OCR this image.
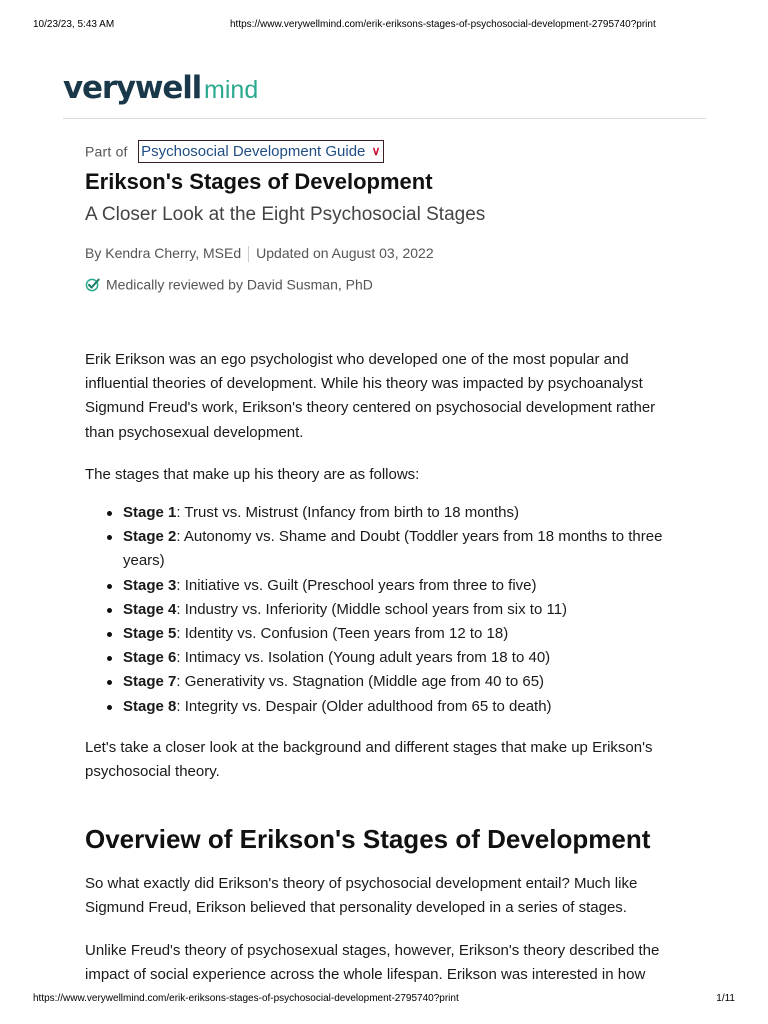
10/23/23, 5:43 AM	https://www.verywellmind.com/erik-eriksons-stages-of-psychosocial-development-2795740?print
verywell mind
Part of Psychosocial Development Guide ∨
Erikson's Stages of Development
A Closer Look at the Eight Psychosocial Stages
By Kendra Cherry, MSEd Updated on August 03, 2022
Medically reviewed by David Susman, PhD

Erik Erikson was an ego psychologist who developed one of the most popular and influential theories of development. While his theory was impacted by psychoanalyst Sigmund Freud's work, Erikson's theory centered on psychosocial development rather than psychosexual development.

The stages that make up his theory are as follows:

Stage 1: Trust vs. Mistrust (Infancy from birth to 18 months)
Stage 2: Autonomy vs. Shame and Doubt (Toddler years from 18 months to three years)
Stage 3: Initiative vs. Guilt (Preschool years from three to five)
Stage 4: Industry vs. Inferiority (Middle school years from six to 11)
Stage 5: Identity vs. Confusion (Teen years from 12 to 18)
Stage 6: Intimacy vs. Isolation (Young adult years from 18 to 40)
Stage 7: Generativity vs. Stagnation (Middle age from 40 to 65)
Stage 8: Integrity vs. Despair (Older adulthood from 65 to death)

Let's take a closer look at the background and different stages that make up Erikson's psychosocial theory.

Overview of Erikson's Stages of Development

So what exactly did Erikson's theory of psychosocial development entail? Much like Sigmund Freud, Erikson believed that personality developed in a series of stages.

Unlike Freud's theory of psychosexual stages, however, Erikson's theory described the impact of social experience across the whole lifespan. Erikson was interested in how

https://www.verywellmind.com/erik-eriksons-stages-of-psychosocial-development-2795740?print	1/11
